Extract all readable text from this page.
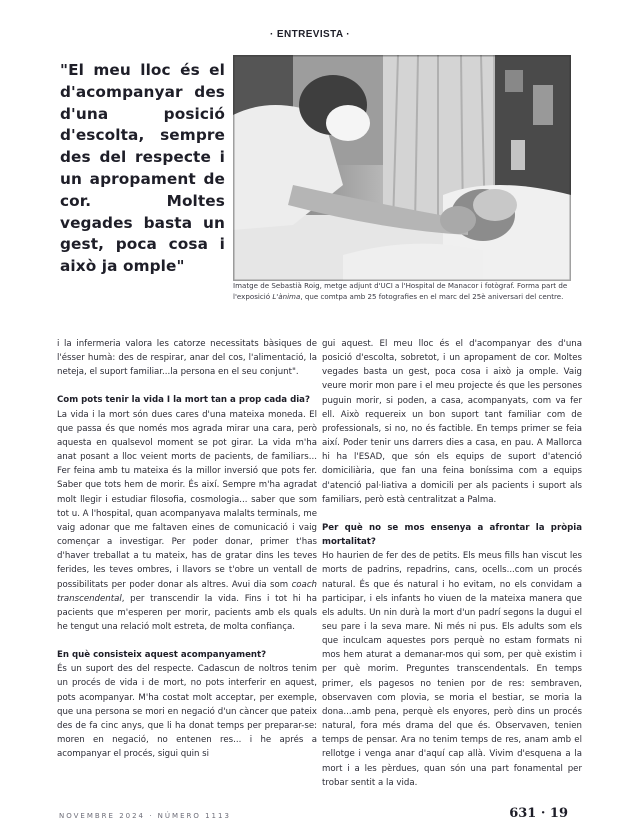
· ENTREVISTA ·
"El meu lloc és el d'acompanyar des d'una posició d'escolta, sempre des del respecte i un apropament de cor. Moltes vegades basta un gest, poca cosa i això ja omple"
Imatge de Sebastià Roig, metge adjunt d'UCI a l'Hospital de Manacor i fotògraf. Forma part de l'exposició L'ànima, que comtpa amb 25 fotografies en el marc del 25è aniversari del centre.

i la infermeria valora les catorze necessitats bàsiques de l'ésser humà: des de respirar, anar del cos, l'alimentació, la neteja, el suport familiar...la persona en el seu conjunt".

Com pots tenir la vida I la mort tan a prop cada dia?

La vida i la mort són dues cares d'una mateixa moneda. El que passa és que només mos agrada mirar una cara, però aquesta en qualsevol moment se pot girar. La vida m'ha anat posant a lloc veient morts de pacients, de familiars... Fer feina amb tu mateixa és la millor inversió que pots fer. Saber que tots hem de morir. És així. Sempre m'ha agradat molt llegir i estudiar filosofia, cosmologia... saber que som tot u. A l'hospital, quan acompanyava malalts terminals, me vaig adonar que me faltaven eines de comunicació i vaig començar a investigar. Per poder donar, primer t'has d'haver treballat a tu mateix, has de gratar dins les teves ferides, les teves ombres, i llavors se t'obre un ventall de possibilitats per poder donar als altres. Avui dia som coach transcendental, per transcendir la vida. Fins i tot hi ha pacients que m'esperen per morir, pacients amb els quals he tengut una relació molt estreta, de molta confiança.

En què consisteix aquest acompanyament?

És un suport des del respecte. Cadascun de noltros tenim un procés de vida i de mort, no pots interferir en aquest, pots acompanyar. M'ha costat molt acceptar, per exemple, que una persona se mori en negació d'un càncer que pateix des de fa cinc anys, que li ha donat temps per preparar-se: moren en negació, no entenen res... i he aprés a acompanyar el procés, sigui quin si

gui aquest. El meu lloc és el d'acompanyar des d'una posició d'escolta, sobretot, i un apropament de cor. Moltes vegades basta un gest, poca cosa i això ja omple. Vaig veure morir mon pare i el meu projecte és que les persones puguin morir, si poden, a casa, acompanyats, com va fer ell. Això requereix un bon suport tant familiar com de professionals, si no, no és factible. En temps primer se feia així. Poder tenir uns darrers dies a casa, en pau. A Mallorca hi ha l'ESAD, que són els equips de suport d'atenció domiciliària, que fan una feina boníssima com a equips d'atenció pal·liativa a domicili per als pacients i suport als familiars, però està centralitzat a Palma.

Per què no se mos ensenya a afrontar la pròpia mortalitat?

Ho haurien de fer des de petits. Els meus fills han viscut les morts de padrins, repadrins, cans, ocells...com un procés natural. És que és natural i ho evitam, no els convidam a participar, i els infants ho viuen de la mateixa manera que els adults. Un nin durà la mort d'un padrí segons la dugui el seu pare i la seva mare. Ni més ni pus. Els adults som els que inculcam aquestes pors perquè no estam formats ni mos hem aturat a demanar-mos qui som, per què existim i per què morim. Preguntes transcendentals. En temps primer, els pagesos no tenien por de res: sembraven, observaven com plovia, se moria el bestiar, se moria la dona...amb pena, perquè els enyores, però dins un procés natural, fora més drama del que és. Observaven, tenien temps de pensar. Ara no tenim temps de res, anam amb el rellotge i venga anar d'aquí cap allà. Vivim d'esquena a la mort i a les pèrdues, quan són una part fonamental per trobar sentit a la vida.

NOVEMBRE 2024 · NÚMERO 1113	631 · 19
